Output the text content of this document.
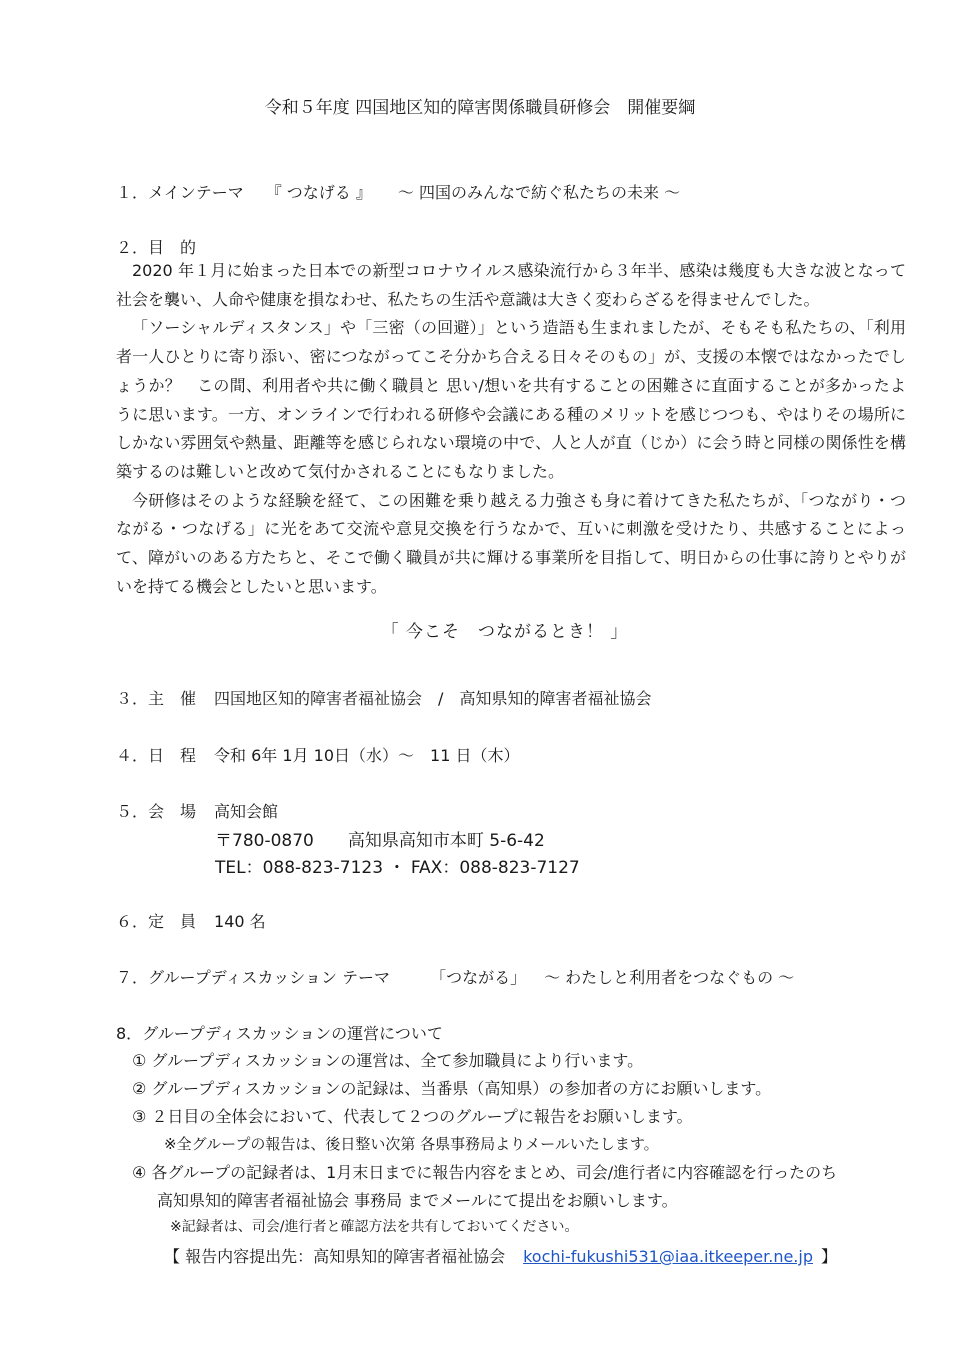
令和５年度 四国地区知的障害関係職員研修会　開催要綱
１．メインテーマ 『 つなげる 』 ～ 四国のみんなで紡ぐ私たちの未来 ～
２．目　的

2020 年１月に始まった日本での新型コロナウイルス感染流行から３年半、感染は幾度も大きな波となって社会を襲い、人命や健康を損なわせ、私たちの生活や意識は大きく変わらざるを得ませんでした。

「ソーシャルディスタンス」や「三密（の回避）」という造語も生まれましたが、そもそも私たちの、「利用者一人ひとりに寄り添い、密につながってこそ分かち合える日々そのもの」が、支援の本懐ではなかったでしょうか？　この間、利用者や共に働く職員と 思い/想いを共有することの困難さに直面することが多かったように思います。一方、オンラインで行われる研修や会議にある種のメリットを感じつつも、やはりその場所にしかない雰囲気や熱量、距離等を感じられない環境の中で、人と人が直（じか）に会う時と同様の関係性を構築するのは難しいと改めて気付かされることにもなりました。

今研修はそのような経験を経て、この困難を乗り越える力強さも身に着けてきた私たちが、「つながり・つながる・つなげる」に光をあて交流や意見交換を行うなかで、互いに刺激を受けたり、共感することによって、障がいのある方たちと、そこで働く職員が共に輝ける事業所を目指して、明日からの仕事に誇りとやりがいを持てる機会としたいと思います。

「 今こそ　つながるとき！ 」
３．主　催 四国地区知的障害者福祉協会 / 高知県知的障害者福祉協会
４．日　程 令和 6年 1月 10日（水）～　11 日（木）
５．会　場 高知会館
〒780-0870 高知県高知市本町 5-6-42
TEL：088-823-7123 ・ FAX：088-823-7127
６．定　員 140 名
７．グループディスカッション テーマ	「つながる」 ～ わたしと利用者をつなぐもの ～
8．グループディスカッションの運営について
① グループディスカッションの運営は、全て参加職員により行います。
② グループディスカッションの記録は、当番県（高知県）の参加者の方にお願いします。
③ ２日目の全体会において、代表して２つのグループに報告をお願いします。
※全グループの報告は、後日整い次第 各県事務局よりメールいたします。
④ 各グループの記録者は、1月末日までに報告内容をまとめ、司会/進行者に内容確認を行ったのち
高知県知的障害者福祉協会 事務局 までメールにて提出をお願いします。
※記録者は、司会/進行者と確認方法を共有しておいてください。
【 報告内容提出先：高知県知的障害者福祉協会 kochi-fukushi531@iaa.itkeeper.ne.jp 】
